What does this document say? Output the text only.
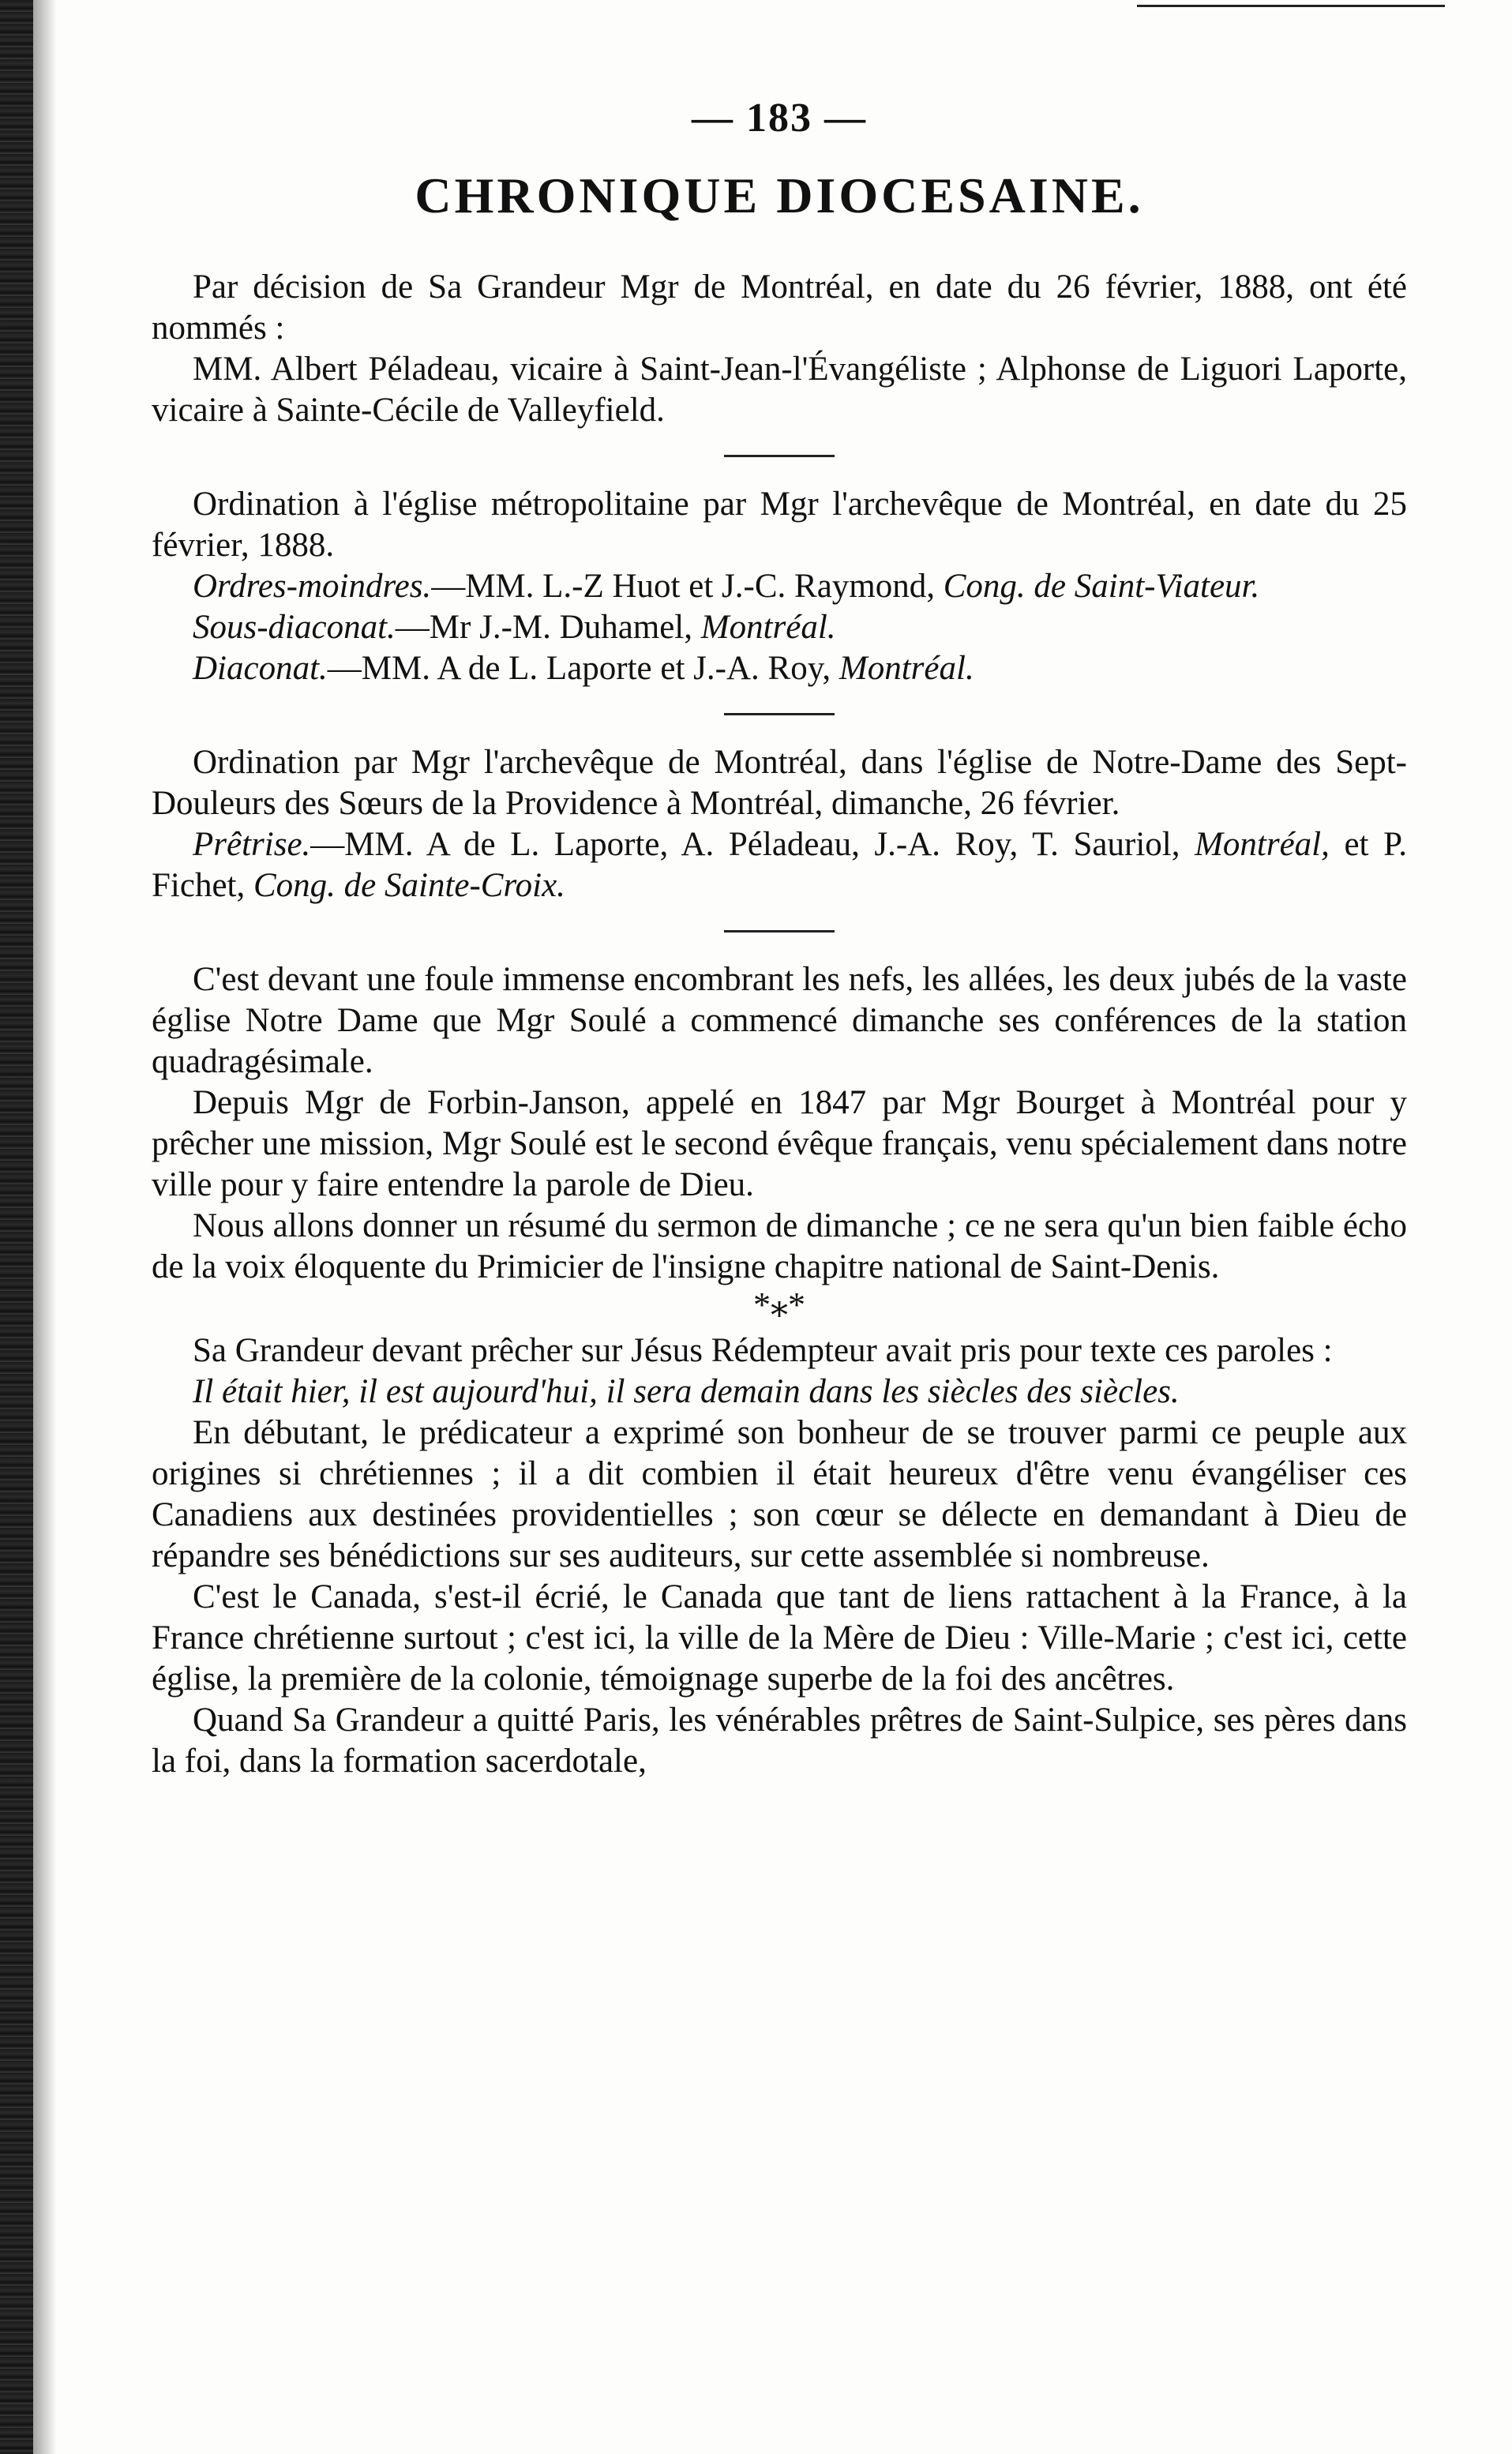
— 183 —
CHRONIQUE DIOCESAINE.

Par décision de Sa Grandeur Mgr de Montréal, en date du 26 février, 1888, ont été nommés :

MM. Albert Péladeau, vicaire à Saint-Jean-l'Évangéliste ; Alphonse de Liguori Laporte, vicaire à Sainte-Cécile de Valleyfield.

Ordination à l'église métropolitaine par Mgr l'archevêque de Montréal, en date du 25 février, 1888.

Ordres-moindres.—MM. L.-Z Huot et J.-C. Raymond, Cong. de Saint-Viateur.

Sous-diaconat.—Mr J.-M. Duhamel, Montréal.

Diaconat.—MM. A de L. Laporte et J.-A. Roy, Montréal.

Ordination par Mgr l'archevêque de Montréal, dans l'église de Notre-Dame des Sept-Douleurs des Sœurs de la Providence à Montréal, dimanche, 26 février.

Prêtrise.—MM. A de L. Laporte, A. Péladeau, J.-A. Roy, T. Sauriol, Montréal, et P. Fichet, Cong. de Sainte-Croix.

C'est devant une foule immense encombrant les nefs, les allées, les deux jubés de la vaste église Notre Dame que Mgr Soulé a commencé dimanche ses conférences de la station quadragésimale.

Depuis Mgr de Forbin-Janson, appelé en 1847 par Mgr Bourget à Montréal pour y prêcher une mission, Mgr Soulé est le second évêque français, venu spécialement dans notre ville pour y faire entendre la parole de Dieu.

Nous allons donner un résumé du sermon de dimanche ; ce ne sera qu'un bien faible écho de la voix éloquente du Primicier de l'insigne chapitre national de Saint-Denis.

*⁎*

Sa Grandeur devant prêcher sur Jésus Rédempteur avait pris pour texte ces paroles :

Il était hier, il est aujourd'hui, il sera demain dans les siècles des siècles.

En débutant, le prédicateur a exprimé son bonheur de se trouver parmi ce peuple aux origines si chrétiennes ; il a dit combien il était heureux d'être venu évangéliser ces Canadiens aux destinées providentielles ; son cœur se délecte en demandant à Dieu de répandre ses bénédictions sur ses auditeurs, sur cette assemblée si nombreuse.

C'est le Canada, s'est-il écrié, le Canada que tant de liens rattachent à la France, à la France chrétienne surtout ; c'est ici, la ville de la Mère de Dieu : Ville-Marie ; c'est ici, cette église, la première de la colonie, témoignage superbe de la foi des ancêtres.

Quand Sa Grandeur a quitté Paris, les vénérables prêtres de Saint-Sulpice, ses pères dans la foi, dans la formation sacerdotale,
